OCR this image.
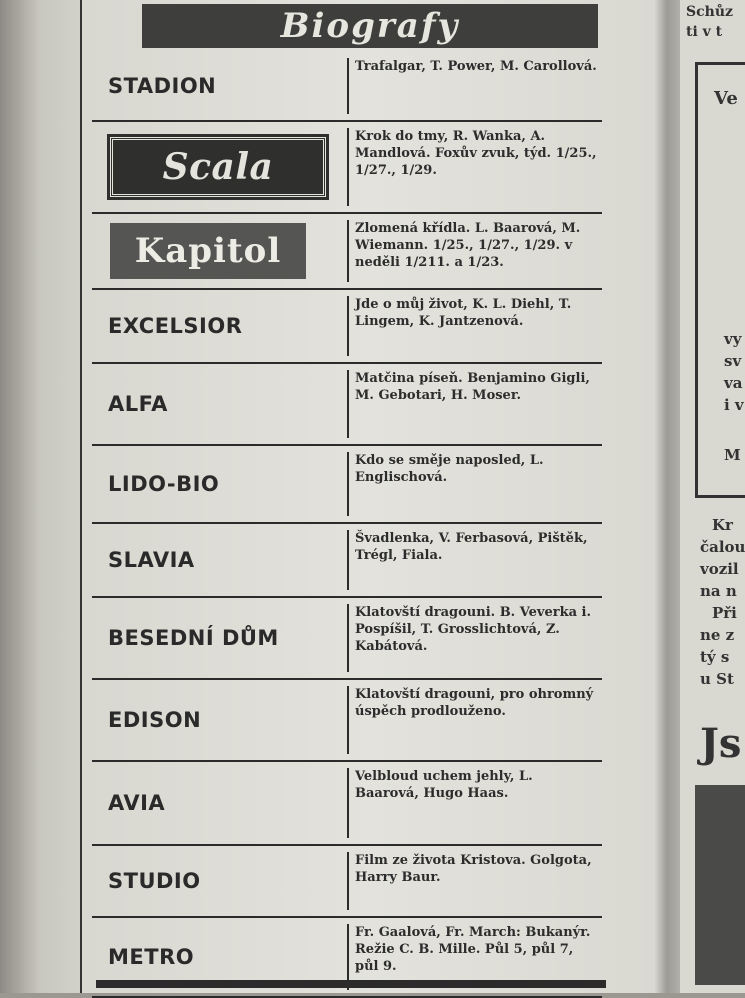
Biografy
STADION
Trafalgar, T. Power, M. Carollová.
Scala
Krok do tmy, R. Wanka, A. Mandlová. Foxův zvuk, týd. 1/25., 1/27., 1/29.
Kapitol
Zlomená křídla. L. Baarová, M. Wiemann. 1/25., 1/27., 1/29. v neděli 1/211. a 1/23.
EXCELSIOR
Jde o můj život, K. L. Diehl, T. Lingem, K. Jantzenová.
ALFA
Matčina píseň. Benjamino Gigli, M. Gebotari, H. Moser.
LIDO-BIO
Kdo se směje naposled, L. Englischová.
SLAVIA
Švadlenka, V. Ferbasová, Pištěk, Trégl, Fiala.
BESEDNÍ DŮM
Klatovští dragouni. B. Veverka i. Pospíšil, T. Grosslichtová, Z. Kabátová.
EDISON
Klatovští dragouni, pro ohromný úspěch prodlouženo.
AVIA
Velbloud uchem jehly, L. Baarová, Hugo Haas.
STUDIO
Film ze života Kristova. Golgota, Harry Baur.
METRO
Fr. Gaalová, Fr. March: Bukanýr. Režie C. B. Mille. Půl 5, půl 7, půl 9.
Schůz
ti v t
Ve
vy
sv
va
i v
M
Kr
čalou
vozil
na n
Při
ne z
tý s
u St
Js
